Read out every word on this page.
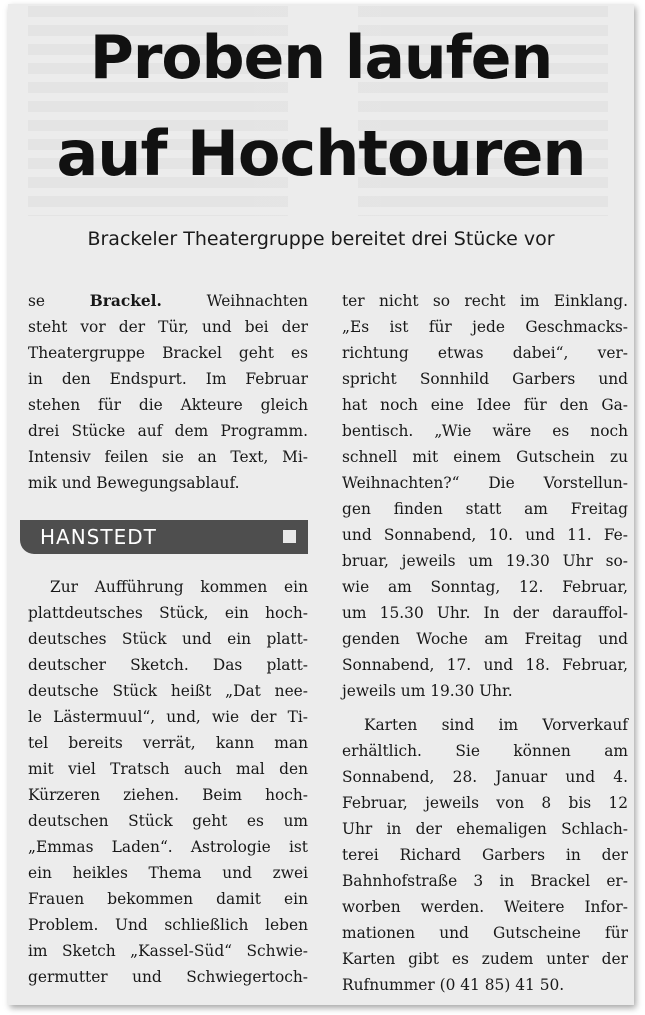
Proben laufen
auf Hochtouren
Brackeler Theatergruppe bereitet drei Stücke vor
se	Brackel.	Weihnachten
steht vor der Tür, und bei der
Theatergruppe Brackel geht es
in den Endspurt. Im Februar
stehen für die Akteure gleich
drei Stücke auf dem Programm.
Intensiv feilen sie an Text, Mi-
mik und Bewegungsablauf.
HANSTEDT
Zur Aufführung kommen ein
plattdeutsches Stück, ein hoch-
deutsches Stück und ein platt-
deutscher Sketch. Das platt-
deutsche Stück heißt „Dat nee-
le Lästermuul“, und, wie der Ti-
tel bereits verrät, kann man
mit viel Tratsch auch mal den
Kürzeren ziehen. Beim hoch-
deutschen Stück geht es um
„Emmas Laden“. Astrologie ist
ein heikles Thema und zwei
Frauen bekommen damit ein
Problem. Und schließlich leben
im Sketch „Kassel-Süd“ Schwie-
germutter und Schwiegertoch-
ter nicht so recht im Einklang.
„Es ist für jede Geschmacks-
richtung etwas dabei“, ver-
spricht Sonnhild Garbers und
hat noch eine Idee für den Ga-
bentisch. „Wie wäre es noch
schnell mit einem Gutschein zu
Weihnachten?“ Die Vorstellun-
gen finden statt am Freitag
und Sonnabend, 10. und 11. Fe-
bruar, jeweils um 19.30 Uhr so-
wie am Sonntag, 12. Februar,
um 15.30 Uhr. In der darauffol-
genden Woche am Freitag und
Sonnabend, 17. und 18. Februar,
jeweils um 19.30 Uhr.
Karten sind im Vorverkauf
erhältlich. Sie können am
Sonnabend, 28. Januar und 4.
Februar, jeweils von 8 bis 12
Uhr in der ehemaligen Schlach-
terei Richard Garbers in der
Bahnhofstraße 3 in Brackel er-
worben werden. Weitere Infor-
mationen und Gutscheine für
Karten gibt es zudem unter der
Rufnummer (0 41 85) 41 50.
